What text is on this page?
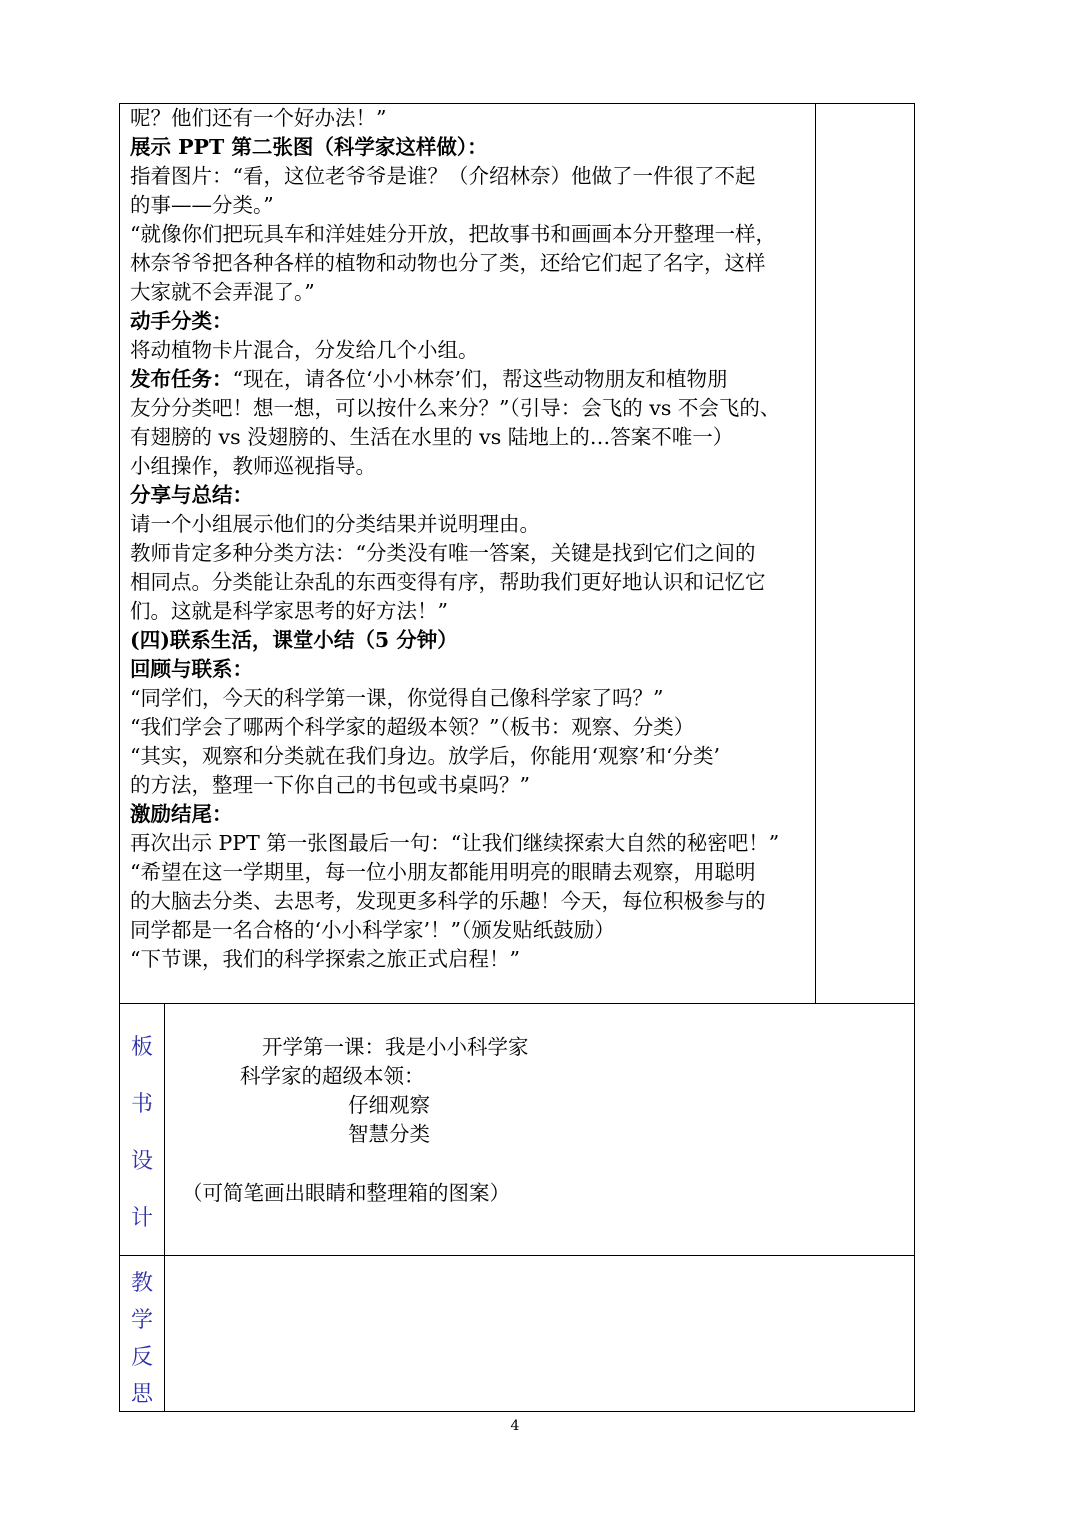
呢？他们还有一个好办法！”
展示 PPT 第二张图（科学家这样做）：
指着图片：“看，这位老爷爷是谁？（介绍林奈）他做了一件很了不起
的事——分类。”
“就像你们把玩具车和洋娃娃分开放，把故事书和画画本分开整理一样，
林奈爷爷把各种各样的植物和动物也分了类，还给它们起了名字，这样
大家就不会弄混了。”
动手分类：
将动植物卡片混合，分发给几个小组。
发布任务：“现在，请各位‘小小林奈’们，帮这些动物朋友和植物朋
友分分类吧！想一想，可以按什么来分？”（引导：会飞的 vs 不会飞的、
有翅膀的 vs 没翅膀的、生活在水里的 vs 陆地上的…答案不唯一）
小组操作，教师巡视指导。
分享与总结：
请一个小组展示他们的分类结果并说明理由。
教师肯定多种分类方法：“分类没有唯一答案，关键是找到它们之间的
相同点。分类能让杂乱的东西变得有序，帮助我们更好地认识和记忆它
们。这就是科学家思考的好方法！”
(四)联系生活，课堂小结（5 分钟）
回顾与联系：
“同学们，今天的科学第一课，你觉得自己像科学家了吗？”
“我们学会了哪两个科学家的超级本领？”（板书：观察、分类）
“其实，观察和分类就在我们身边。放学后，你能用‘观察’和‘分类’
的方法，整理一下你自己的书包或书桌吗？”
激励结尾：
再次出示 PPT 第一张图最后一句：“让我们继续探索大自然的秘密吧！”
“希望在这一学期里，每一位小朋友都能用明亮的眼睛去观察，用聪明
的大脑去分类、去思考，发现更多科学的乐趣！今天，每位积极参与的
同学都是一名合格的‘小小科学家’！”（颁发贴纸鼓励）
“下节课，我们的科学探索之旅正式启程！”
板
书
设
计
开学第一课：我是小小科学家
科学家的超级本领：
仔细观察
智慧分类
（可简笔画出眼睛和整理箱的图案）
教
学
反
思
4
